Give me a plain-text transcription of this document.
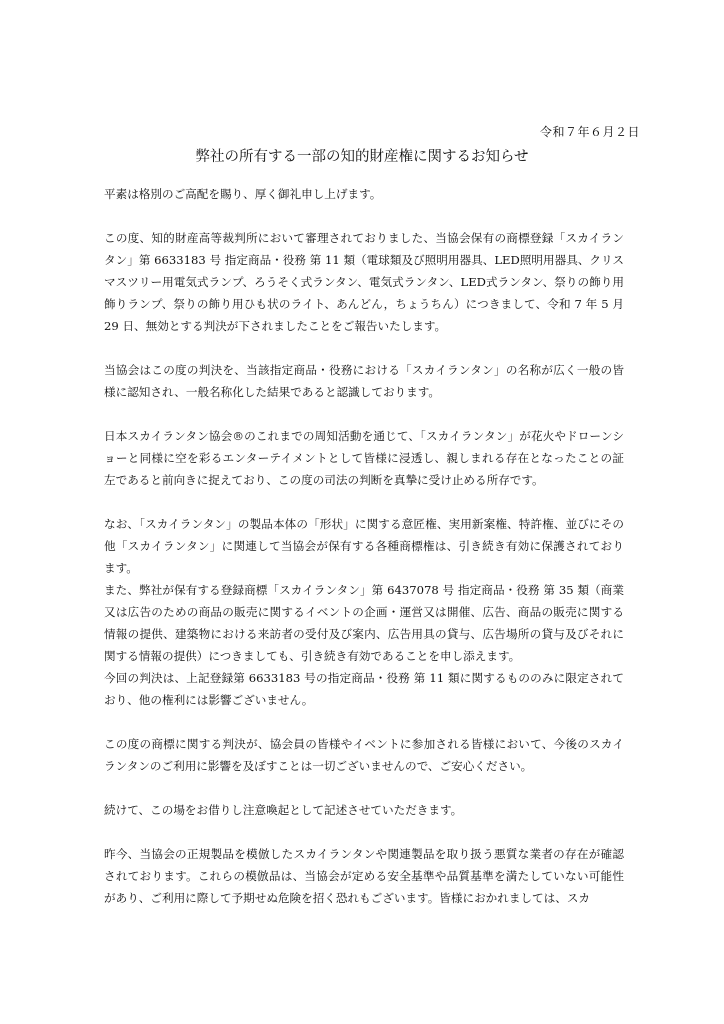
令和７年６月２日
弊社の所有する一部の知的財産権に関するお知らせ

平素は格別のご高配を賜り、厚く御礼申し上げます。

この度、知的財産高等裁判所において審理されておりました、当協会保有の商標登録「スカイランタン」第 6633183 号 指定商品・役務 第 11 類（電球類及び照明用器具、LED照明用器具、クリスマスツリー用電気式ランプ、ろうそく式ランタン、電気式ランタン、LED式ランタン、祭りの飾り用飾りランプ、祭りの飾り用ひも状のライト、あんどん，ちょうちん）につきまして、令和 7 年 5 月 29 日、無効とする判決が下されましたことをご報告いたします。

当協会はこの度の判決を、当該指定商品・役務における「スカイランタン」の名称が広く一般の皆様に認知され、一般名称化した結果であると認識しております。

日本スカイランタン協会®のこれまでの周知活動を通じて、「スカイランタン」が花火やドローンショーと同様に空を彩るエンターテイメントとして皆様に浸透し、親しまれる存在となったことの証左であると前向きに捉えており、この度の司法の判断を真摯に受け止める所存です。

なお、「スカイランタン」の製品本体の「形状」に関する意匠権、実用新案権、特許権、並びにその他「スカイランタン」に関連して当協会が保有する各種商標権は、引き続き有効に保護されております。

また、弊社が保有する登録商標「スカイランタン」第 6437078 号 指定商品・役務 第 35 類（商業又は広告のための商品の販売に関するイベントの企画・運営又は開催、広告、商品の販売に関する情報の提供、建築物における来訪者の受付及び案内、広告用具の貸与、広告場所の貸与及びそれに関する情報の提供）につきましても、引き続き有効であることを申し添えます。

今回の判決は、上記登録第 6633183 号の指定商品・役務 第 11 類に関するもののみに限定されており、他の権利には影響ございません。

この度の商標に関する判決が、協会員の皆様やイベントに参加される皆様において、今後のスカイランタンのご利用に影響を及ぼすことは一切ございませんので、ご安心ください。

続けて、この場をお借りし注意喚起として記述させていただきます。

昨今、当協会の正規製品を模倣したスカイランタンや関連製品を取り扱う悪質な業者の存在が確認されております。これらの模倣品は、当協会が定める安全基準や品質基準を満たしていない可能性があり、ご利用に際して予期せぬ危険を招く恐れもございます。皆様におかれましては、スカ
